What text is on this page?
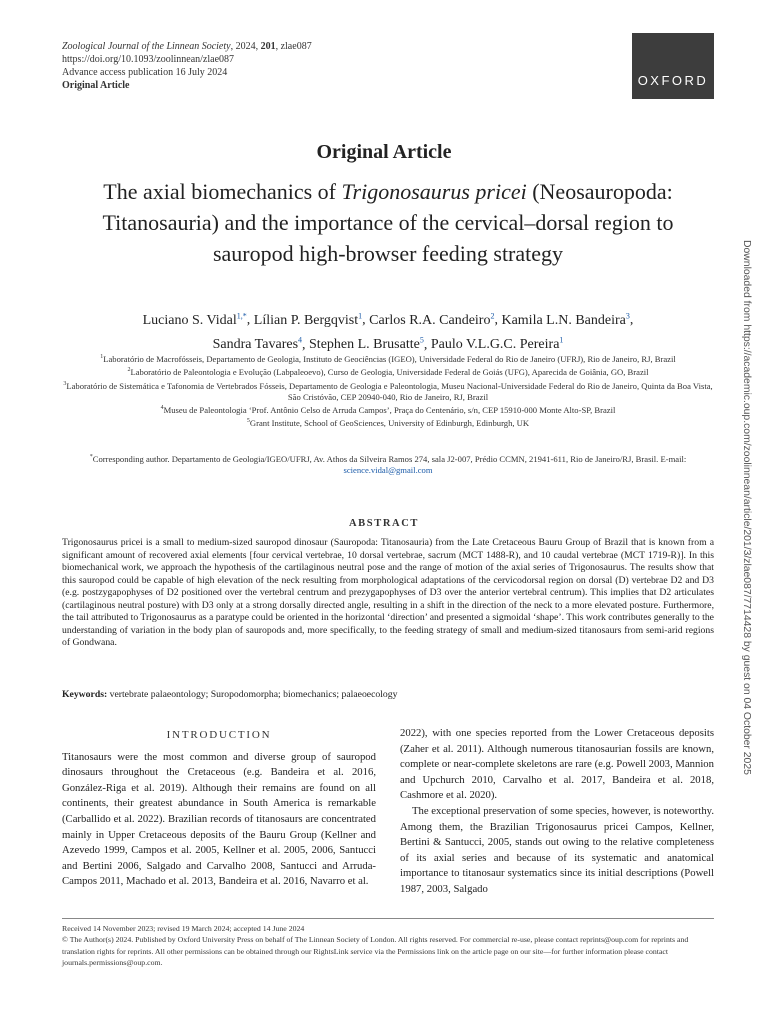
Zoological Journal of the Linnean Society, 2024, 201, zlae087
https://doi.org/10.1093/zoolinnean/zlae087
Advance access publication 16 July 2024
Original Article	OXFORD
Downloaded from https://academic.oup.com/zoolinnean/article/201/3/zlae087/7714428 by guest on 04 October 2025
Original Article
The axial biomechanics of Trigonosaurus pricei (Neosauropoda: Titanosauria) and the importance of the cervical–dorsal region to sauropod high-browser feeding strategy
Luciano S. Vidal$^{1,*}$, Lílian P. Bergqvist$^1$, Carlos R.A. Candeiro$^2$, Kamila L.N. Bandeira$^3$,
Sandra Tavares$^4$, Stephen L. Brusatte$^5$, Paulo V.L.G.C. Pereira$^1$
$^1$Laboratório de Macrofósseis, Departamento de Geologia, Instituto de Geociências (IGEO), Universidade Federal do Rio de Janeiro (UFRJ), Rio de Janeiro, RJ, Brazil
$^2$Laboratório de Paleontologia e Evolução (Labpaleoevo), Curso de Geologia, Universidade Federal de Goiás (UFG), Aparecida de Goiânia, GO, Brazil
$^3$Laboratório de Sistemática e Tafonomia de Vertebrados Fósseis, Departamento de Geologia e Paleontologia, Museu Nacional-Universidade Federal do Rio de Janeiro, Quinta da Boa Vista, São Cristóvão, CEP 20940-040, Rio de Janeiro, RJ, Brazil
$^4$Museu de Paleontologia ‘Prof. Antônio Celso de Arruda Campos’, Praça do Centenário, s/n, CEP 15910-000 Monte Alto-SP, Brazil
$^5$Grant Institute, School of GeoSciences, University of Edinburgh, Edinburgh, UK
*Corresponding author. Departamento de Geologia/IGEO/UFRJ, Av. Athos da Silveira Ramos 274, sala J2-007, Prédio CCMN, 21941-611, Rio de Janeiro/RJ, Brasil. E-mail: science.vidal@gmail.com
ABSTRACT
Trigonosaurus pricei is a small to medium-sized sauropod dinosaur (Sauropoda: Titanosauria) from the Late Cretaceous Bauru Group of Brazil that is known from a significant amount of recovered axial elements [four cervical vertebrae, 10 dorsal vertebrae, sacrum (MCT 1488-R), and 10 caudal vertebrae (MCT 1719-R)]. In this biomechanical work, we approach the hypothesis of the cartilaginous neutral pose and the range of motion of the axial series of Trigonosaurus. The results show that this sauropod could be capable of high elevation of the neck resulting from morphological adaptations of the cervicodorsal region on dorsal (D) vertebrae D2 and D3 (e.g. postzygapophyses of D2 positioned over the vertebral centrum and prezygapophyses of D3 over the anterior vertebral centrum). This implies that D2 articulates (cartilaginous neutral posture) with D3 only at a strong dorsally directed angle, resulting in a shift in the direction of the neck to a more elevated posture. Furthermore, the tail attributed to Trigonosaurus as a paratype could be oriented in the horizontal ‘direction’ and presented a sigmoidal ‘shape’. This work contributes generally to the understanding of variation in the body plan of sauropods and, more specifically, to the feeding strategy of small and medium-sized titanosaurs from semi-arid regions of Gondwana.
Keywords: vertebrate palaeontology; Suropodomorpha; biomechanics; palaeoecology
INTRODUCTION

Titanosaurs were the most common and diverse group of sauropod dinosaurs throughout the Cretaceous (e.g. Bandeira et al. 2016, González-Riga et al. 2019). Although their remains are found on all continents, their greatest abundance in South America is remarkable (Carballido et al. 2022). Brazilian records of titanosaurs are concentrated mainly in Upper Cretaceous deposits of the Bauru Group (Kellner and Azevedo 1999, Campos et al. 2005, Kellner et al. 2005, 2006, Santucci and Bertini 2006, Salgado and Carvalho 2008, Santucci and Arruda-Campos 2011, Machado et al. 2013, Bandeira et al. 2016, Navarro et al.

2022), with one species reported from the Lower Cretaceous deposits (Zaher et al. 2011). Although numerous titanosaurian fossils are known, complete or near-complete skeletons are rare (e.g. Powell 2003, Mannion and Upchurch 2010, Carvalho et al. 2017, Bandeira et al. 2018, Cashmore et al. 2020).

The exceptional preservation of some species, however, is noteworthy. Among them, the Brazilian Trigonosaurus pricei Campos, Kellner, Bertini & Santucci, 2005, stands out owing to the relative completeness of its axial series and because of its systematic and anatomical importance to titanosaur systematics since its initial descriptions (Powell 1987, 2003, Salgado

Received 14 November 2023; revised 19 March 2024; accepted 14 June 2024
© The Author(s) 2024. Published by Oxford University Press on behalf of The Linnean Society of London. All rights reserved. For commercial re-use, please contact reprints@oup.com for reprints and translation rights for reprints. All other permissions can be obtained through our RightsLink service via the Permissions link on the article page on our site—for further information please contact journals.permissions@oup.com.
